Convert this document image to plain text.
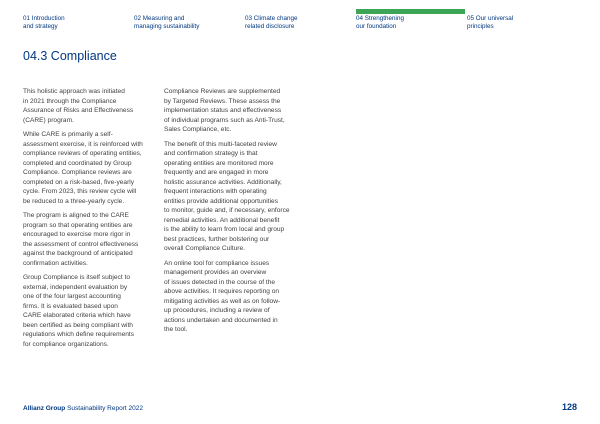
01 Introduction
and strategy
02 Measuring and
managing sustainability
03 Climate change
related disclosure
04 Strengthening
our foundation
05 Our universal
principles
04.3 Compliance

This holistic approach was initiated
in 2021 through the Compliance
Assurance of Risks and Effectiveness
(CARE) program.

While CARE is primarily a self-
assessment exercise, it is reinforced with
compliance reviews of operating entities,
completed and coordinated by Group
Compliance. Compliance reviews are
completed on a risk-based, five-yearly
cycle. From 2023, this review cycle will
be reduced to a three-yearly cycle.

The program is aligned to the CARE
program so that operating entities are
encouraged to exercise more rigor in
the assessment of control effectiveness
against the background of anticipated
confirmation activities.

Group Compliance is itself subject to
external, independent evaluation by
one of the four largest accounting
firms. It is evaluated based upon
CARE elaborated criteria which have
been certified as being compliant with
regulations which define requirements
for compliance organizations.

Compliance Reviews are supplemented
by Targeted Reviews. These assess the
implementation status and effectiveness
of individual programs such as Anti-Trust,
Sales Compliance, etc.

The benefit of this multi-faceted review
and confirmation strategy is that
operating entities are monitored more
frequently and are engaged in more
holistic assurance activities. Additionally,
frequent interactions with operating
entities provide additional opportunities
to monitor, guide and, if necessary, enforce
remedial activities. An additional benefit
is the ability to learn from local and group
best practices, further bolstering our
overall Compliance Culture.

An online tool for compliance issues
management provides an overview
of issues detected in the course of the
above activities. It requires reporting on
mitigating activities as well as on follow-
up procedures, including a review of
actions undertaken and documented in
the tool.

Allianz Group Sustainability Report 2022	128
